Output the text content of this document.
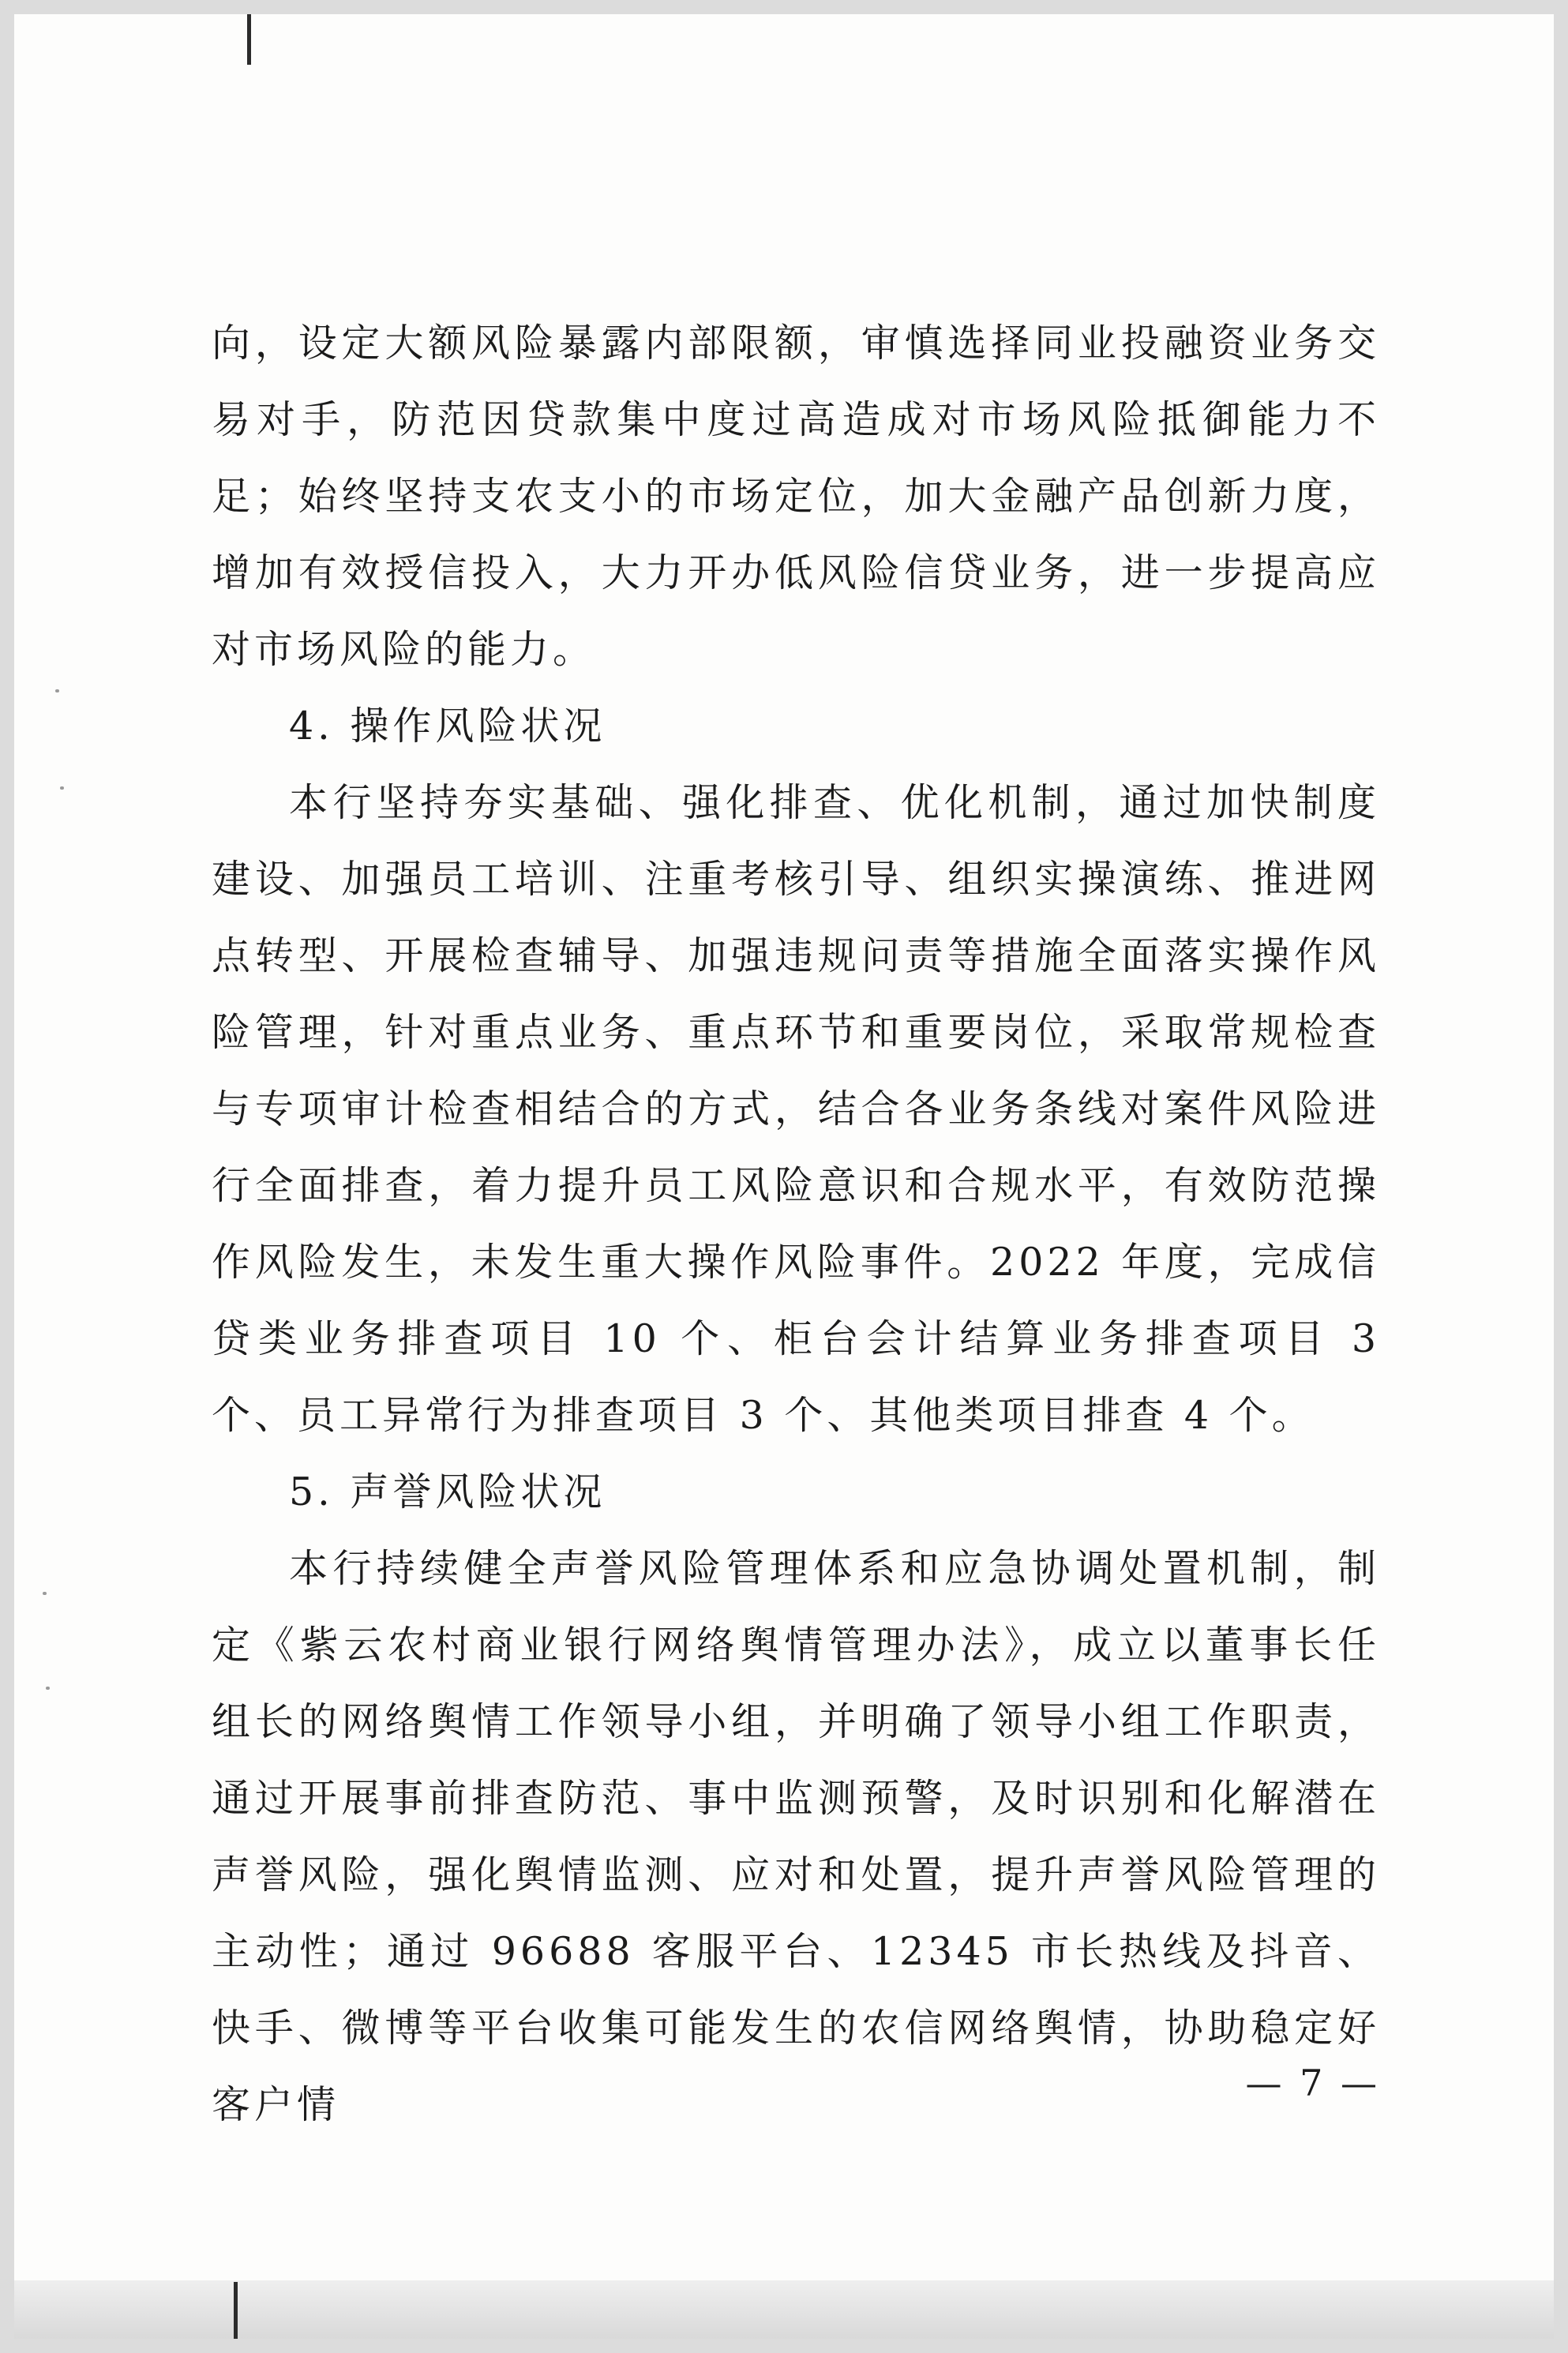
向，设定大额风险暴露内部限额，审慎选择同业投融资业务交易对手，防范因贷款集中度过高造成对市场风险抵御能力不足；始终坚持支农支小的市场定位，加大金融产品创新力度，增加有效授信投入，大力开办低风险信贷业务，进一步提高应对市场风险的能力。

4. 操作风险状况

本行坚持夯实基础、强化排查、优化机制，通过加快制度建设、加强员工培训、注重考核引导、组织实操演练、推进网点转型、开展检查辅导、加强违规问责等措施全面落实操作风险管理，针对重点业务、重点环节和重要岗位，采取常规检查与专项审计检查相结合的方式，结合各业务条线对案件风险进行全面排查，着力提升员工风险意识和合规水平，有效防范操作风险发生，未发生重大操作风险事件。2022 年度，完成信贷类业务排查项目 10 个、柜台会计结算业务排查项目 3 个、员工异常行为排查项目 3 个、其他类项目排查 4 个。

5. 声誉风险状况

本行持续健全声誉风险管理体系和应急协调处置机制，制定《紫云农村商业银行网络舆情管理办法》，成立以董事长任组长的网络舆情工作领导小组，并明确了领导小组工作职责，通过开展事前排查防范、事中监测预警，及时识别和化解潜在声誉风险，强化舆情监测、应对和处置，提升声誉风险管理的主动性；通过 96688 客服平台、12345 市长热线及抖音、快手、微博等平台收集可能发生的农信网络舆情，协助稳定好客户情	— 7 —
